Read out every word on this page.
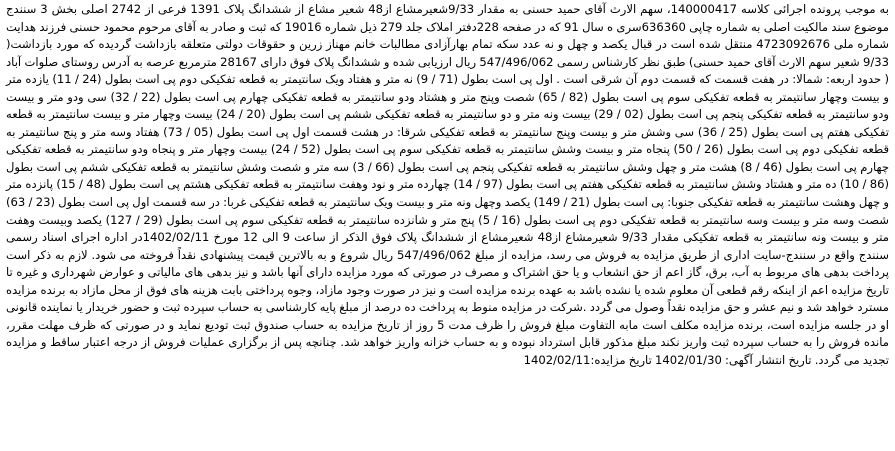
به موجب پرونده اجرائی کلاسه 140000417، سهم الارث آقای حمید حسنی به مقدار 9/33شعیرمشاع از48 شعیر مشاع از ششدانگ پلاک 1391 فرعی از 2742 اصلی بخش 3 سنندج موضوع سند مالکیت اصلی به شماره چاپی 636360سری ه سال 91 که در صفحه 228دفتر املاک جلد 279 ذیل شماره 19016 که ثبت و صادر به آقای مرحوم محمود حسنی فرزند هدایت شماره ملی 4723092676 منتقل شده است در قبال یکصد و چهل و نه عدد سکه تمام بهارآزادی مطالبات خانم مهناز زرین و حقوقات دولتی متعلقه بازداشت گردیده که مورد بازداشت( 9/33 شعیر سهم الارث آقای حمید حسنی) طبق نظر کارشناس رسمی 547/496/062 ریال ارزیابی شده و ششدانگ پلاک فوق دارای 28167 مترمربع عرصه به آدرس روستای صلوات آباد ( حدود اربعه: شمالا: در هفت قسمت که قسمت دوم آن شرقی است . اول پی است بطول (71 / 9) نه متر و هفتاد ویک سانتیمتر به قطعه تفکیکی دوم پی است بطول (24 / 11) یازده متر و بیست وچهار سانتیمتر به قطعه تفکیکی سوم پی است بطول (82 / 65) شصت وپنج متر و هشتاد ودو سانتیمتر به قطعه تفکیکی چهارم پی است بطول (22 / 32) سی ودو متر و بیست ودو سانتیمتر به قطعه تفکیکی پنجم پی است بطول (02 / 29) بیست ونه متر و دو سانتیمتر به قطعه تفکیکی ششم پی است بطول (20 / 24) بیست وچهار متر و بیست سانتیمتر به قطعه تفکیکی هفتم پی است بطول (25 / 36) سی وشش متر و بیست وپنج سانتیمتر به قطعه تفکیکی شرقا: در هشت قسمت اول پی است بطول (05 / 73) هفتاد وسه متر و پنج سانتیمتر به قطعه تفکیکی دوم پی است بطول (26 / 50) پنجاه متر و بیست وشش سانتیمتر به قطعه تفکیکی سوم پی است بطول (52 / 24) بیست وچهار متر و پنجاه ودو سانتیمتر به قطعه تفکیکی چهارم پی است بطول (46 / 8) هشت متر و چهل وشش سانتیمتر به قطعه تفکیکی پنجم پی است بطول (66 / 3) سه متر و شصت وشش سانتیمتر به قطعه تفکیکی ششم پی است بطول (86 / 10) ده متر و هشتاد وشش سانتیمتر به قطعه تفکیکی هفتم پی است بطول (97 / 14) چهارده متر و نود وهفت سانتیمتر به قطعه تفکیکی هشتم پی است بطول (48 / 15) پانزده متر و چهل وهشت سانتیمتر به قطعه تفکیکی جنوبا: پی است بطول (21 / 149) یکصد وچهل ونه متر و بیست ویک سانتیمتر به قطعه تفکیکی غربا: در سه قسمت اول پی است بطول (23 / 63) شصت وسه متر و بیست وسه سانتیمتر به قطعه تفکیکی دوم پی است بطول (16 / 5) پنج متر و شانزده سانتیمتر به قطعه تفکیکی سوم پی است بطول (29 / 127) یکصد وبیست وهفت متر و بیست ونه سانتیمتر به قطعه تفکیکی مقدار 9/33 شعیرمشاع از48 شعیرمشاع از ششدانگ پلاک فوق الذکر از ساعت 9 الی 12 مورخ 1402/02/11در اداره اجرای اسناد رسمی سنندج واقع در سنندج-سایت اداری از طریق مزایده به فروش می رسد، مزایده از مبلغ 547/496/062 ریال شروع و به بالاترین قیمت پیشنهادی نقداً فروخته می شود. لازم به ذکر است پرداخت بدهی های مربوط به آب، برق، گاز اعم از حق انشعاب و یا حق اشتراک و مصرف در صورتی که مورد مزایده دارای آنها باشد و نیز بدهی های مالیاتی و عوارض شهرداری و غیره تا تاریخ مزایده اعم از اینکه رقم قطعی آن معلوم شده یا نشده باشد به عهده برنده مزایده است و نیز در صورت وجود مازاد، وجوه پرداختی بابت هزینه های فوق از محل مازاد به برنده مزایده مسترد خواهد شد و نیم عشر و حق مزایده نقداً وصول می گردد .شرکت در مزایده منوط به پرداخت ده درصد از مبلغ پایه کارشناسی به حساب سپرده ثبت و حضور خریدار یا نماینده قانونی او در جلسه مزایده است، برنده مزایده مکلف است مابه التفاوت مبلغ فروش را ظرف مدت 5 روز از تاریخ مزایده به حساب صندوق ثبت تودیع نماید و در صورتی که ظرف مهلت مقرر، مانده فروش را به حساب سپرده ثبت واریز نکند مبلغ مذکور قابل استرداد نبوده و به حساب خزانه واریز خواهد شد. چنانچه پس از برگزاری عملیات فروش از درجه اعتبار ساقط و مزایده تجدید می گردد. تاریخ انتشار آگهی: 1402/01/30 تاریخ مزایده:1402/02/11
